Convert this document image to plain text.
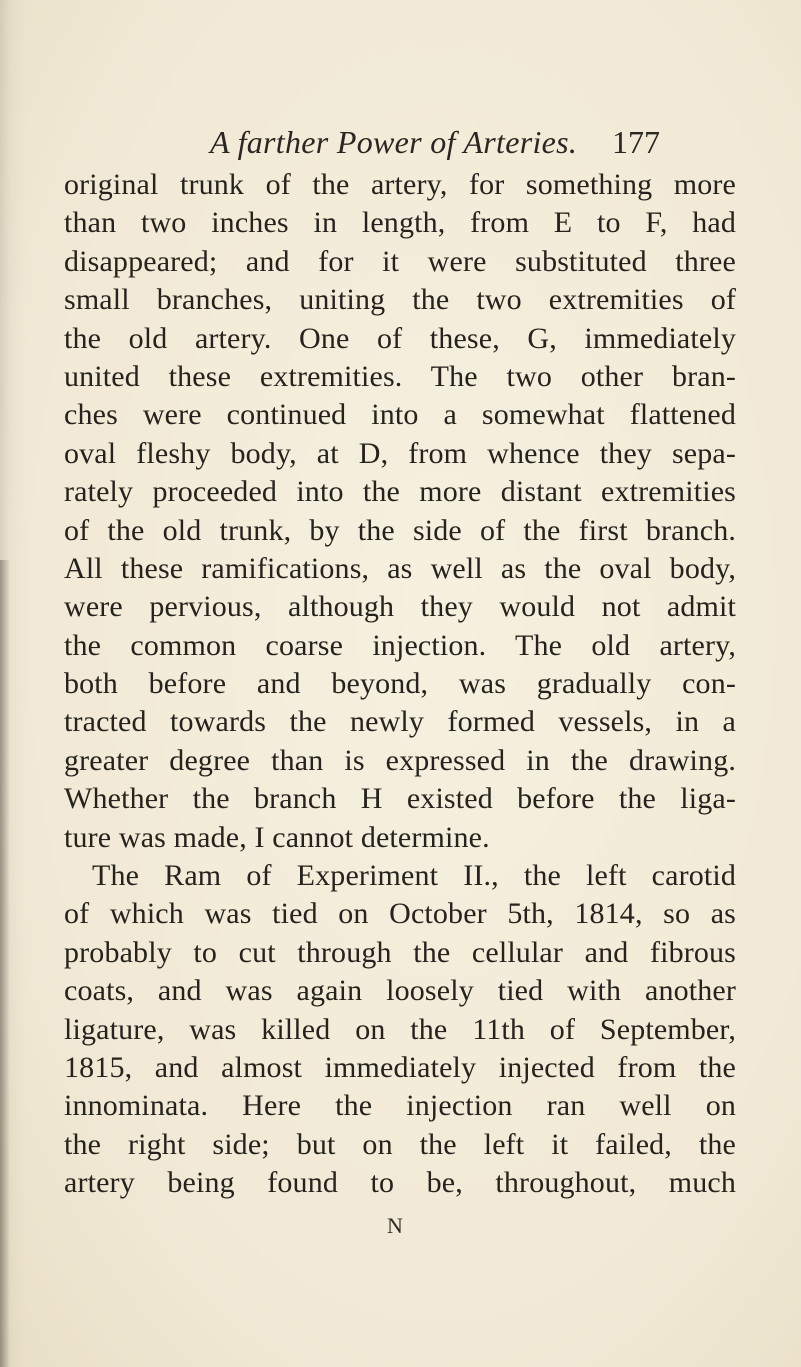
A farther Power of Arteries. 177
original trunk of the artery, for something more
than two inches in length, from E to F, had
disappeared; and for it were substituted three
small branches, uniting the two extremities of
the old artery. One of these, G, immediately
united these extremities. The two other bran-
ches were continued into a somewhat flattened
oval fleshy body, at D, from whence they sepa-
rately proceeded into the more distant extremities
of the old trunk, by the side of the first branch.
All these ramifications, as well as the oval body,
were pervious, although they would not admit
the common coarse injection. The old artery,
both before and beyond, was gradually con-
tracted towards the newly formed vessels, in a
greater degree than is expressed in the drawing.
Whether the branch H existed before the liga-
ture was made, I cannot determine.
The Ram of Experiment II., the left carotid
of which was tied on October 5th, 1814, so as
probably to cut through the cellular and fibrous
coats, and was again loosely tied with another
ligature, was killed on the 11th of September,
1815, and almost immediately injected from the
innominata. Here the injection ran well on
the right side; but on the left it failed, the
artery being found to be, throughout, much
N
